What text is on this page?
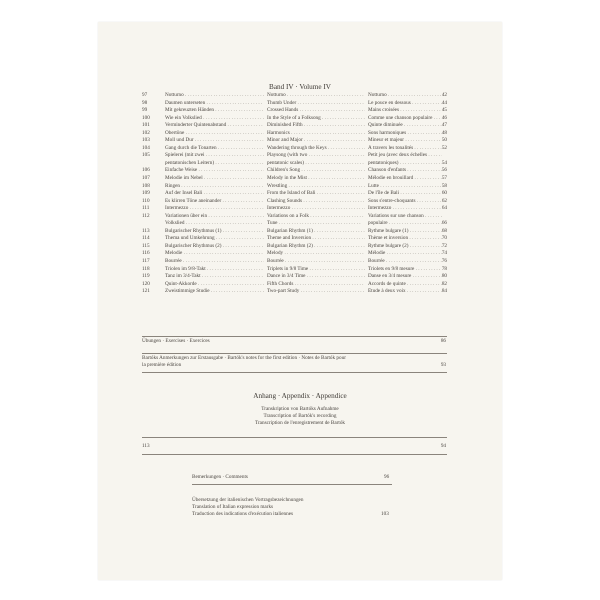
Band IV · Volume IV
97	Notturno . . .	Notturno . . .	Notturno . . .	42
98	Daumen unterseten . . .	Thumb Under . . .	Le pouce en dessous . . .	44
99	Mit gekreuzten Händen . . .	Crossed Hands . . .	Mains croisées . . .	45
100	Wie ein Volkslied . . .	In the Style of a Folksong . . .	Comme une chanson populaire . . .	46
101	Verminderter Quintenabstand . . .	Diminished Fifth . . .	Quinte diminuée . . .	47
102	Obertöne . . .	Harmonics . . .	Sons harmoniques . . .	48
103	Moll und Dur . . .	Minor and Major . . .	Mineur et majeur . . .	50
104	Gang durch die Tonarten . . .	Wandering through the Keys . . .	À travers les tonalités . . .	52
105	Spielerei (mit zwei . . .	Playsong (with two . . .	Petit jeu (avec deux échelles . . .
pentatonischen Leitern) . . .	pentatonic scales) . . .	pentatoniques) . . .	54
106	Einfache Weise . . .	Children's Song . . .	Chanson d'enfants . . .	56
107	Melodie im Nebel . . .	Melody in the Mist . . .	Mélodie en brouillard . . .	57
108	Ringen . . .	Wrestling . . .	Lutte . . .	58
109	Auf der Insel Bali . . .	From the Island of Bali . . .	De l'île de Bali . . .	60
110	Es klirren Töne aneinander . . .	Clashing Sounds . . .	Sons s'entre-choquants . . .	62
111	Intermezzo . . .	Intermezzo . . .	Intermezzo . . .	64
112	Variationen über ein . . .	Variations on a Folk . . .	Variations sur une chanson . . .
Volkslied . . .	Tune . . .	populaire . . .	66
113	Bulgarischer Rhythmus (1) . . .	Bulgarian Rhythm (1) . . .	Rythme bulgare (1) . . .	68
114	Thema und Umkehrung . . .	Theme and Inversion . . .	Thème et inversion . . .	70
115	Bulgarischer Rhythmus (2) . . .	Bulgarian Rhythm (2) . . .	Rythme bulgare (2) . . .	72
116	Melodie . . .	Melody . . .	Mélodie . . .	74
117	Bourrée . . .	Bourrée . . .	Bourrée . . .	76
118	Triolen im 9/8-Takt . . .	Triplets in 9/8 Time . . .	Triolets en 9/8 mesure . . .	78
119	Tanz im 3/4-Takt . . .	Dance in 3/4 Time . . .	Danse en 3/4 mesure . . .	80
120	Quint-Akkorde . . .	Fifth Chords . . .	Accords de quinte . . .	82
121	Zweistimmige Studie . . .	Two-part Study . . .	Étude à deux voix . . .	84
Übungen · Exercises · Exercices	86
Bartóks Anmerkungen zur Erstausgabe · Bartók's notes for the first edition · Notes de Bartók pour
la première édition	93
Anhang · Appendix · Appendice
Transkription von Bartóks Aufnahme
Transcription of Bartók's recording
Transcription de l'enregistrement de Bartók
113	94
Bemerkungen · Comments	96
Übersetzung der italienischen Vortragsbezeichnungen
Translation of Italian expression marks
Traduction des indications d'exécution italiennes	103
